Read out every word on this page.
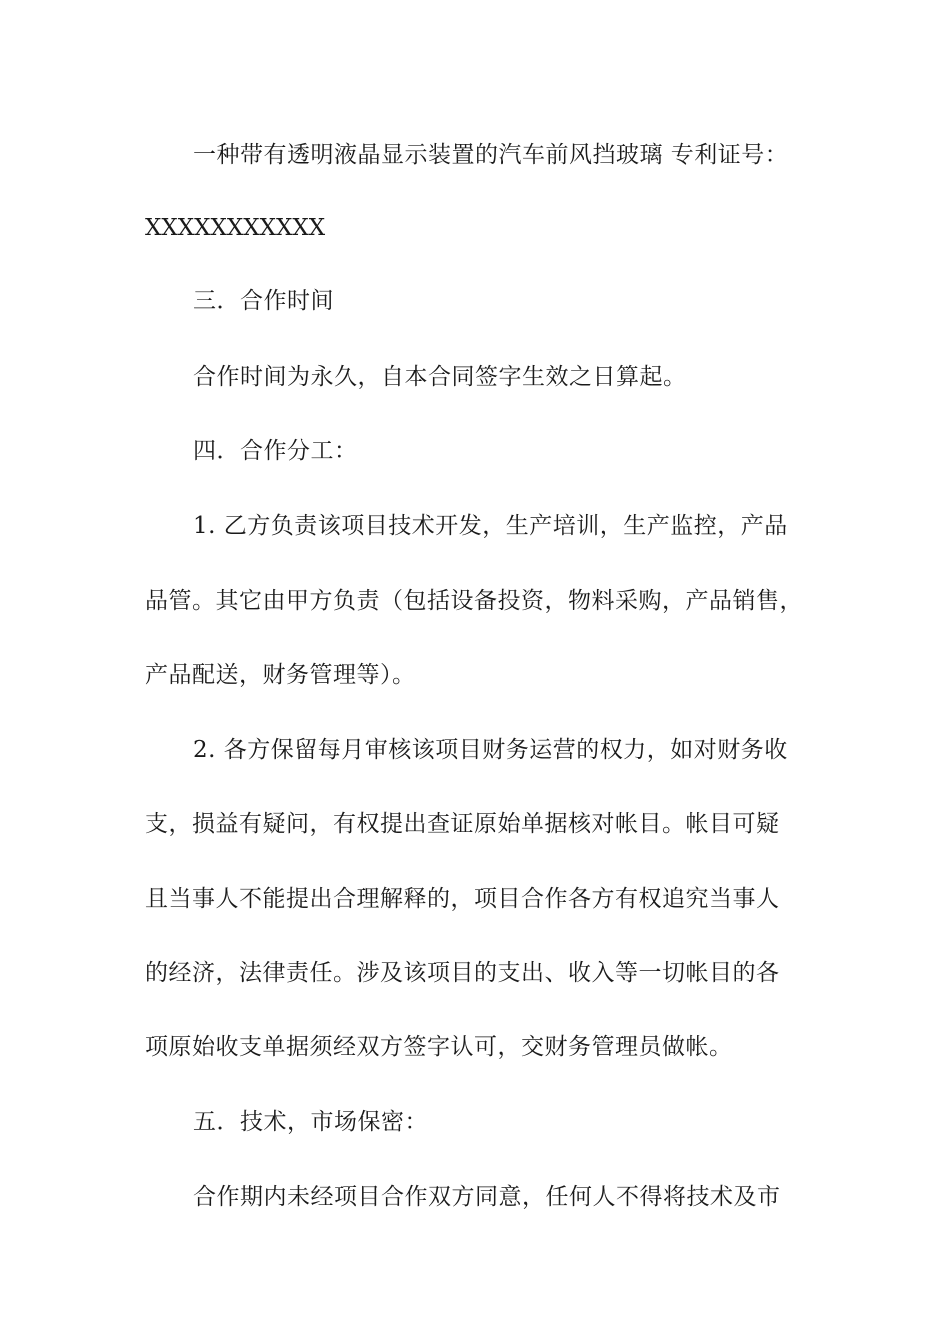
一种带有透明液晶显示装置的汽车前风挡玻璃 专利证号：
XXXXXXXXXXX
三．合作时间
合作时间为永久，自本合同签字生效之日算起。
四．合作分工：
1. 乙方负责该项目技术开发，生产培训，生产监控，产品
品管。其它由甲方负责（包括设备投资，物料采购，产品销售，
产品配送，财务管理等）。
2. 各方保留每月审核该项目财务运营的权力，如对财务收
支，损益有疑问，有权提出查证原始单据核对帐目。帐目可疑
且当事人不能提出合理解释的，项目合作各方有权追究当事人
的经济，法律责任。涉及该项目的支出、收入等一切帐目的各
项原始收支单据须经双方签字认可，交财务管理员做帐。
五．技术，市场保密：
合作期内未经项目合作双方同意，任何人不得将技术及市
